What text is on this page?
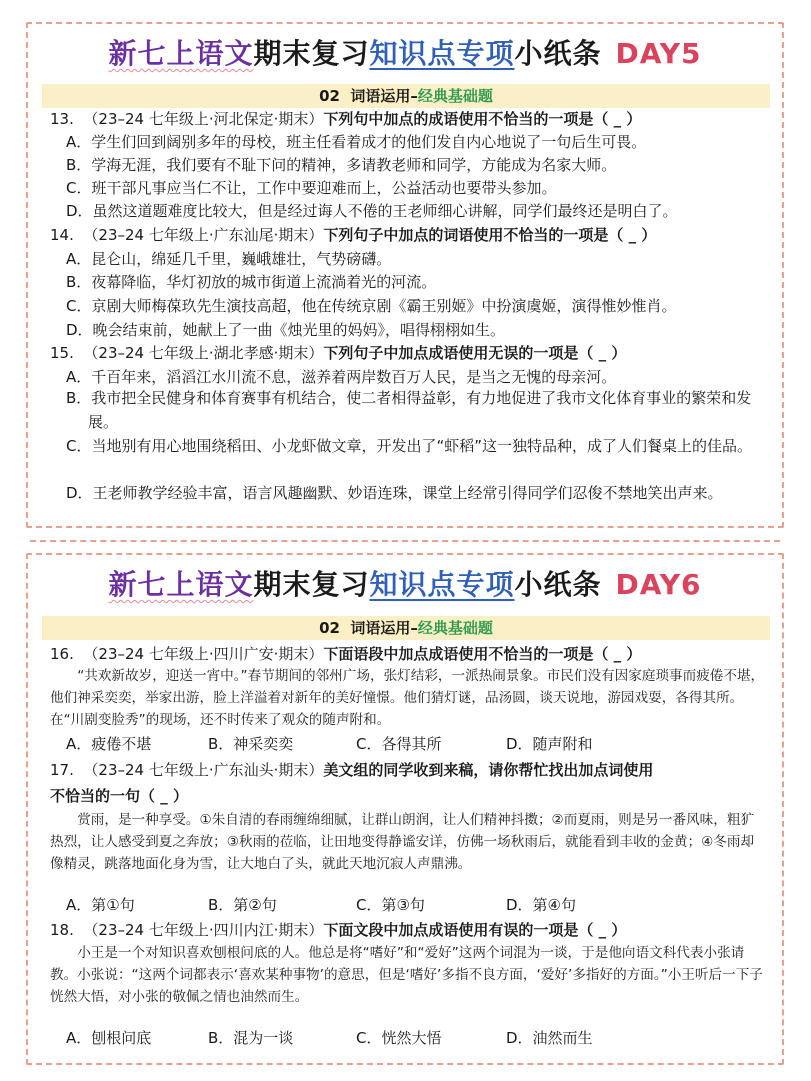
新七上语文期末复习知识点专项小纸条 DAY5
02 词语运用–经典基础题
13. （23–24 七年级上·河北保定·期末）下列句中加点的成语使用不恰当的一项是（ _ ）
A．学生们回到阔别多年的母校，班主任看着成才的他们发自内心地说了一句后生可畏。
B．学海无涯，我们要有不耻下问的精神，多请教老师和同学，方能成为名家大师。
C．班干部凡事应当仁不让，工作中要迎难而上，公益活动也要带头参加。
D．虽然这道题难度比较大，但是经过诲人不倦的王老师细心讲解，同学们最终还是明白了。
14. （23–24 七年级上·广东汕尾·期末）下列句子中加点的词语使用不恰当的一项是（ _ ）
A．昆仑山，绵延几千里，巍峨雄壮，气势磅礴。
B．夜幕降临，华灯初放的城市街道上流淌着光的河流。
C．京剧大师梅葆玖先生演技高超，他在传统京剧《霸王别姬》中扮演虞姬，演得惟妙惟肖。
D．晚会结束前，她献上了一曲《烛光里的妈妈》，唱得栩栩如生。
15. （23–24 七年级上·湖北孝感·期末）下列句子中加点成语使用无误的一项是（ _ ）
A．千百年来，滔滔江水川流不息，滋养着两岸数百万人民，是当之无愧的母亲河。
B．我市把全民健身和体育赛事有机结合，使二者相得益彰，有力地促进了我市文化体育事业的繁荣和发展。
C．当地别有用心地围绕稻田、小龙虾做文章，开发出了“虾稻”这一独特品种，成了人们餐桌上的佳品。
D．王老师教学经验丰富，语言风趣幽默、妙语连珠，课堂上经常引得同学们忍俊不禁地笑出声来。
新七上语文期末复习知识点专项小纸条 DAY6
02 词语运用–经典基础题
16. （23–24 七年级上·四川广安·期末）下面语段中加点成语使用不恰当的一项是（ _ ）
“共欢新故岁，迎送一宵中。”春节期间的邻州广场，张灯结彩，一派热闹景象。市民们没有因家庭琐事而疲倦不堪，他们神采奕奕，举家出游，脸上洋溢着对新年的美好憧憬。他们猜灯谜，品汤圆，谈天说地，游园戏耍，各得其所。在“川剧变脸秀”的现场，还不时传来了观众的随声附和。
A．疲倦不堪	B．神采奕奕	C．各得其所	D．随声附和
17. （23–24 七年级上·广东汕头·期末）美文组的同学收到来稿，请你帮忙找出加点词使用
不恰当的一句（ _ ）
赏雨，是一种享受。①朱自清的春雨缠绵细腻，让群山朗润，让人们精神抖擞；②而夏雨，则是另一番风味，粗犷热烈，让人感受到夏之奔放；③秋雨的莅临，让田地变得静谧安详，仿佛一场秋雨后，就能看到丰收的金黄；④冬雨却像精灵，跳落地面化身为雪，让大地白了头，就此天地沉寂人声鼎沸。
A．第①句	B．第②句	C．第③句	D．第④句
18. （23–24 七年级上·四川内江·期末）下面文段中加点成语使用有误的一项是（ _ ）
小王是一个对知识喜欢刨根问底的人。他总是将“嗜好”和“爱好”这两个词混为一谈，于是他向语文科代表小张请教。小张说：“这两个词都表示‘喜欢某种事物’的意思，但是‘嗜好’多指不良方面，‘爱好’多指好的方面。”小王听后一下子恍然大悟，对小张的敬佩之情也油然而生。
A．刨根问底	B．混为一谈	C．恍然大悟	D．油然而生
